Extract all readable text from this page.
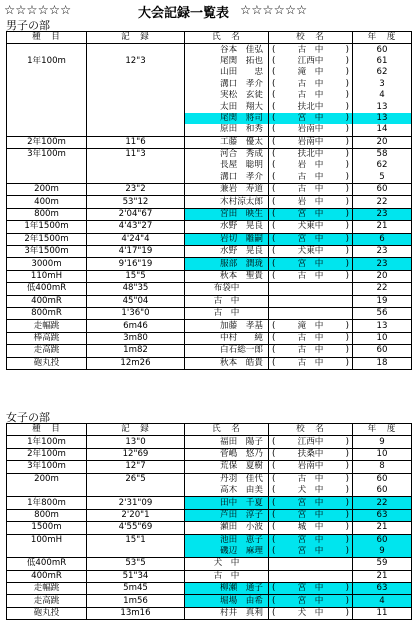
☆☆☆☆☆☆	大会記録一覧表 ☆☆☆☆☆☆
男子の部
種　目	記　録	氏　名	校　名	年　度
		谷本　佳弘	( 古　中 )	60
1年100m	12"3	尾関　拓也	( 江西中 )	61
		山田　　忠	( 滝　中 )	62
		溝口　孝介	( 古　中 )	3
		実松　玄徒	( 古　中 )	4
		太田　翔大	( 扶北中 )	13
		尾関　將司	( 宮　中 )	13
		原田　和秀	( 岩南中 )	14
2年100m	11"6	工藤　優太	( 岩南中 )	20
3年100m	11"3	河合　秀成	( 扶北中 )	58
		長屋　聡明	( 岩　中 )	62
		溝口　孝介	( 古　中 )	5
200m	23"2	兼岩　寿道	( 古　中 )	60
400m	53"12	木村涼太郎	( 岩　中 )	22
800m	2'04"67	宮田　映生	( 宮　中 )	23
1年1500m	4'43"27	水野　晃良	( 犬東中 )	21
2年1500m	4'24"4	岩切　雕嗣	( 宮　中 )	6
3年1500m	4'17"19	水野　晃良	( 犬東中 )	23
3000m	9'16"19	服部　潤珑	( 宮　中 )	23
110mH	15"5	秋本　聖貴	( 古　中 )	20
低400mR	48"35	布袋中		22
400mR	45"04	古　中		19
800mR	1'36"0	古　中		56
走幅跳	6m46	加藤　孝基	( 滝　中 )	13
棒高跳	3m80	中村　　純	( 古　中 )	10
走高跳	1m82	白石総一郎	( 古　中 )	60
砲丸投	12m26	秋本　皓貴	( 古　中 )	18
女子の部
種　目	記　録	氏　名	校　名	年　度
1年100m	13"0	福田　陽子	( 江西中 )	9
2年100m	12"69	菅嶋　悠乃	( 扶桑中 )	10
3年100m	12"7	荒保　夏樹	( 岩南中 )	8
200m	26"5	丹羽　佳代	( 古　中 )	60
		高木　由美	( 犬　中 )	60
1年800m	2'31"09	田中　千夏	( 宮　中 )	22
800m	2'20"1	芦田　淳子	( 宮　中 )	63
1500m	4'55"69	瀬田　小波	( 城　中 )	21
100mH	15"1	池田　恵子	( 宮　中 )	60
		磯辺　麻理	( 宮　中 )	9
低400mR	53"5	犬　中		59
400mR	51"34	古　中		21
走幅跳	5m45	柳瀬　通子	( 宮　中 )	63
走高跳	1m56	堀場　由希	( 宮　中 )	4
砲丸投	13m16	村井　真利	( 犬　中 )	11
